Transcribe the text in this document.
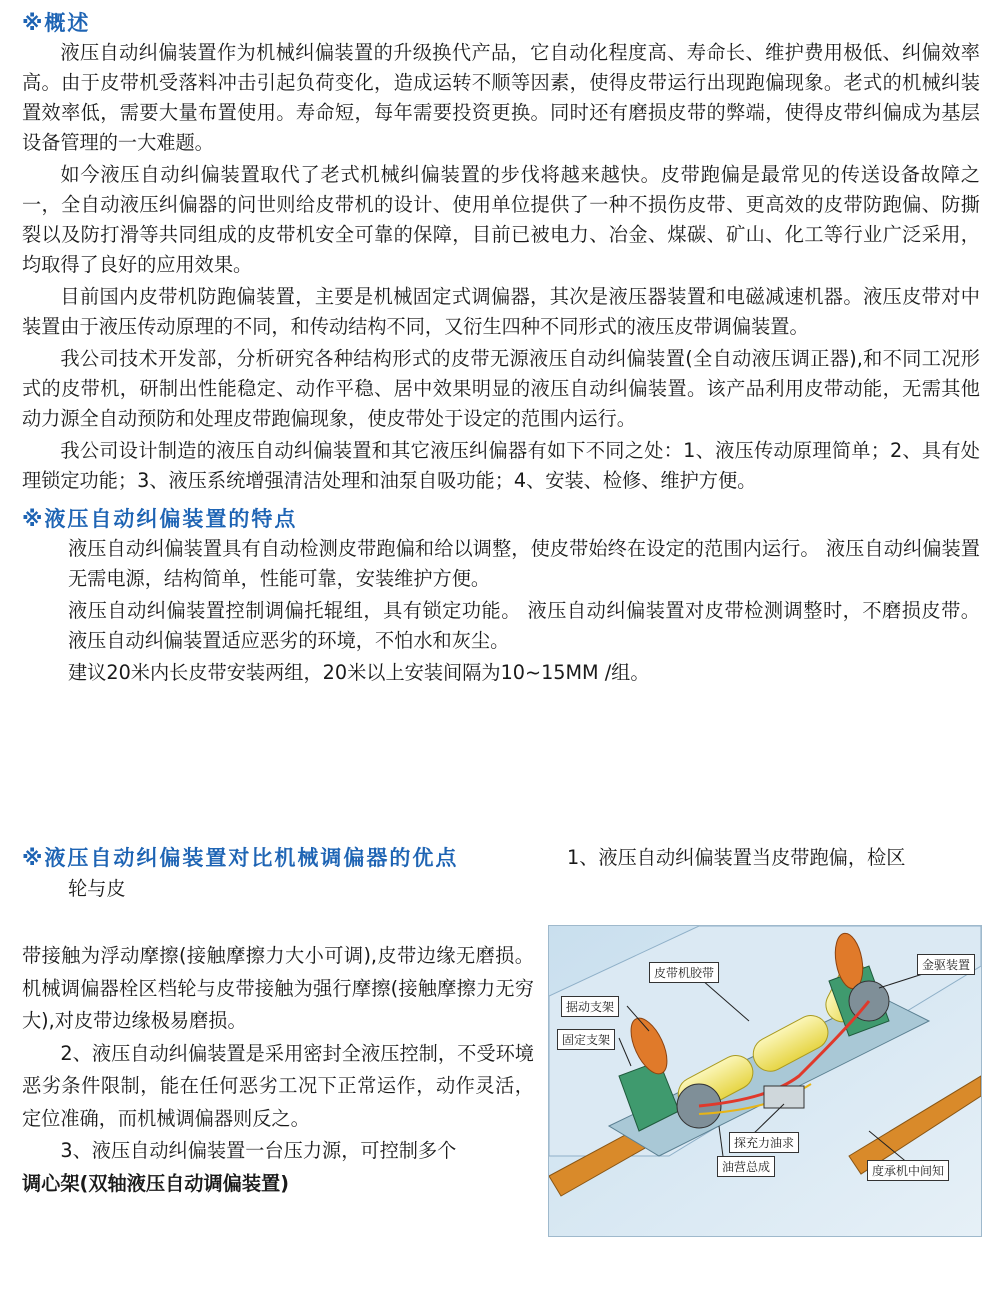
※概述

液压自动纠偏装置作为机械纠偏装置的升级换代产品，它自动化程度高、寿命长、维护费用极低、纠偏效率高。由于皮带机受落料冲击引起负荷变化，造成运转不顺等因素，使得皮带运行出现跑偏现象。老式的机械纠装置效率低，需要大量布置使用。寿命短，每年需要投资更换。同时还有磨损皮带的弊端，使得皮带纠偏成为基层设备管理的一大难题。

如今液压自动纠偏装置取代了老式机械纠偏装置的步伐将越来越快。皮带跑偏是最常见的传送设备故障之一，全自动液压纠偏器的问世则给皮带机的设计、使用单位提供了一种不损伤皮带、更高效的皮带防跑偏、防撕裂以及防打滑等共同组成的皮带机安全可靠的保障，目前已被电力、冶金、煤碳、矿山、化工等行业广泛采用，均取得了良好的应用效果。

目前国内皮带机防跑偏装置，主要是机械固定式调偏器，其次是液压器装置和电磁减速机器。液压皮带对中装置由于液压传动原理的不同，和传动结构不同，又衍生四种不同形式的液压皮带调偏装置。

我公司技术开发部，分析研究各种结构形式的皮带无源液压自动纠偏装置(全自动液压调正器),和不同工况形式的皮带机，研制出性能稳定、动作平稳、居中效果明显的液压自动纠偏装置。该产品利用皮带动能，无需其他动力源全自动预防和处理皮带跑偏现象，使皮带处于设定的范围内运行。

我公司设计制造的液压自动纠偏装置和其它液压纠偏器有如下不同之处：1、液压传动原理简单；2、具有处理锁定功能；3、液压系统增强清洁处理和油泵自吸功能；4、安装、检修、维护方便。

※液压自动纠偏装置的特点

液压自动纠偏装置具有自动检测皮带跑偏和给以调整，使皮带始终在设定的范围内运行。 液压自动纠偏装置无需电源，结构简单，性能可靠，安装维护方便。

液压自动纠偏装置控制调偏托辊组，具有锁定功能。 液压自动纠偏装置对皮带检测调整时，不磨损皮带。 液压自动纠偏装置适应恶劣的环境，不怕水和灰尘。

建议20米内长皮带安装两组，20米以上安装间隔为10~15MM /组。

※液压自动纠偏装置对比机械调偏器的优点	1、液压自动纠偏装置当皮带跑偏，检区
轮与皮

带接触为浮动摩擦(接触摩擦力大小可调),皮带边缘无磨损。机械调偏器栓区档轮与皮带接触为强行摩擦(接触摩擦力无穷大),对皮带边缘极易磨损。

2、液压自动纠偏装置是采用密封全液压控制，不受环境恶劣条件限制，能在任何恶劣工况下正常运作，动作灵活，定位准确，而机械调偏器则反之。

3、液压自动纠偏装置一台压力源，可控制多个

调心架(双轴液压自动调偏装置)

皮带机胶带
金驱装置
据动支架
固定支架
探充力油求
油营总成	度承机中间知
